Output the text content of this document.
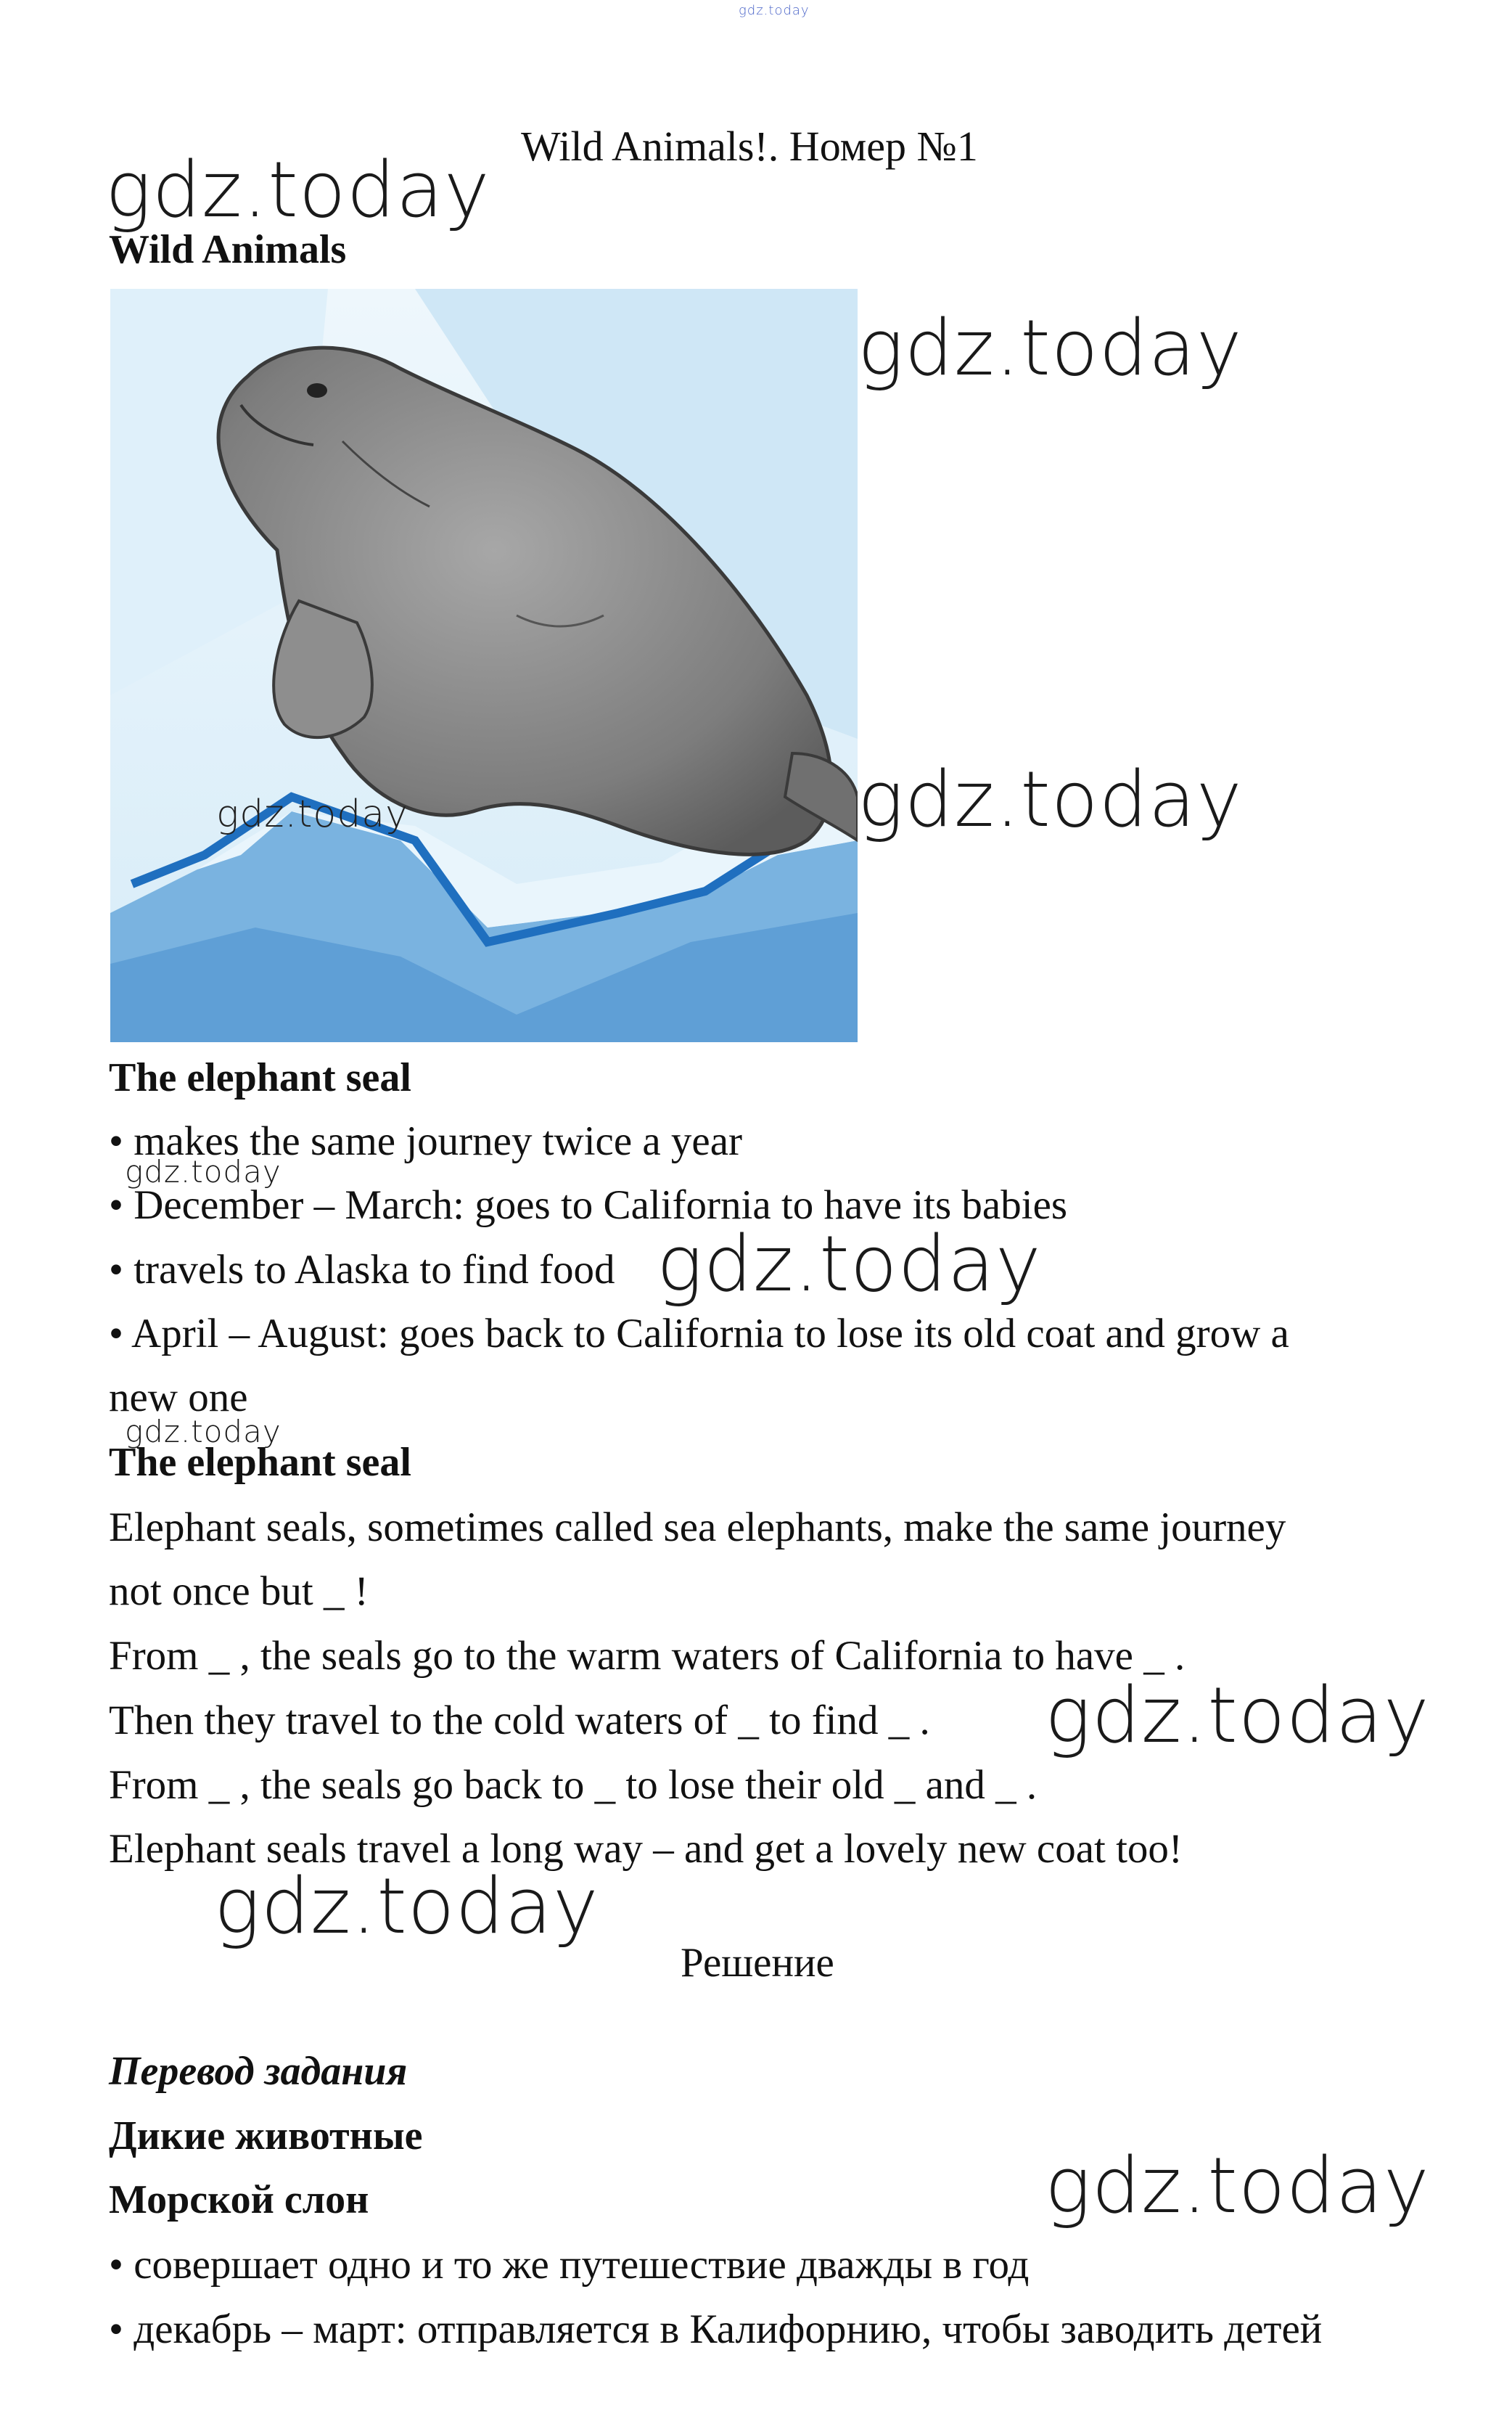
gdz.today
Wild Animals!. Номер №1
gdz.today
Wild Animals
gdz.today
gdz.today
gdz.today
The elephant seal
• makes the same journey twice a year
gdz.today
• December – March: goes to California to have its babies
• travels to Alaska to find food gdz.today
• April – August: goes back to California to lose its old coat and grow a
new one
gdz.today
The elephant seal
Elephant seals, sometimes called sea elephants, make the same journey
not once but _ !
From _ , the seals go to the warm waters of California to have _ .
Then they travel to the cold waters of _ to find _ . gdz.today
From _ , the seals go back to _ to lose their old _ and _ .
Elephant seals travel a long way – and get a lovely new coat too!
gdz.today
Решение
Перевод задания
Дикие животные
Морской слон	gdz.today
• совершает одно и то же путешествие дважды в год
• декабрь – март: отправляется в Калифорнию, чтобы заводить детей
